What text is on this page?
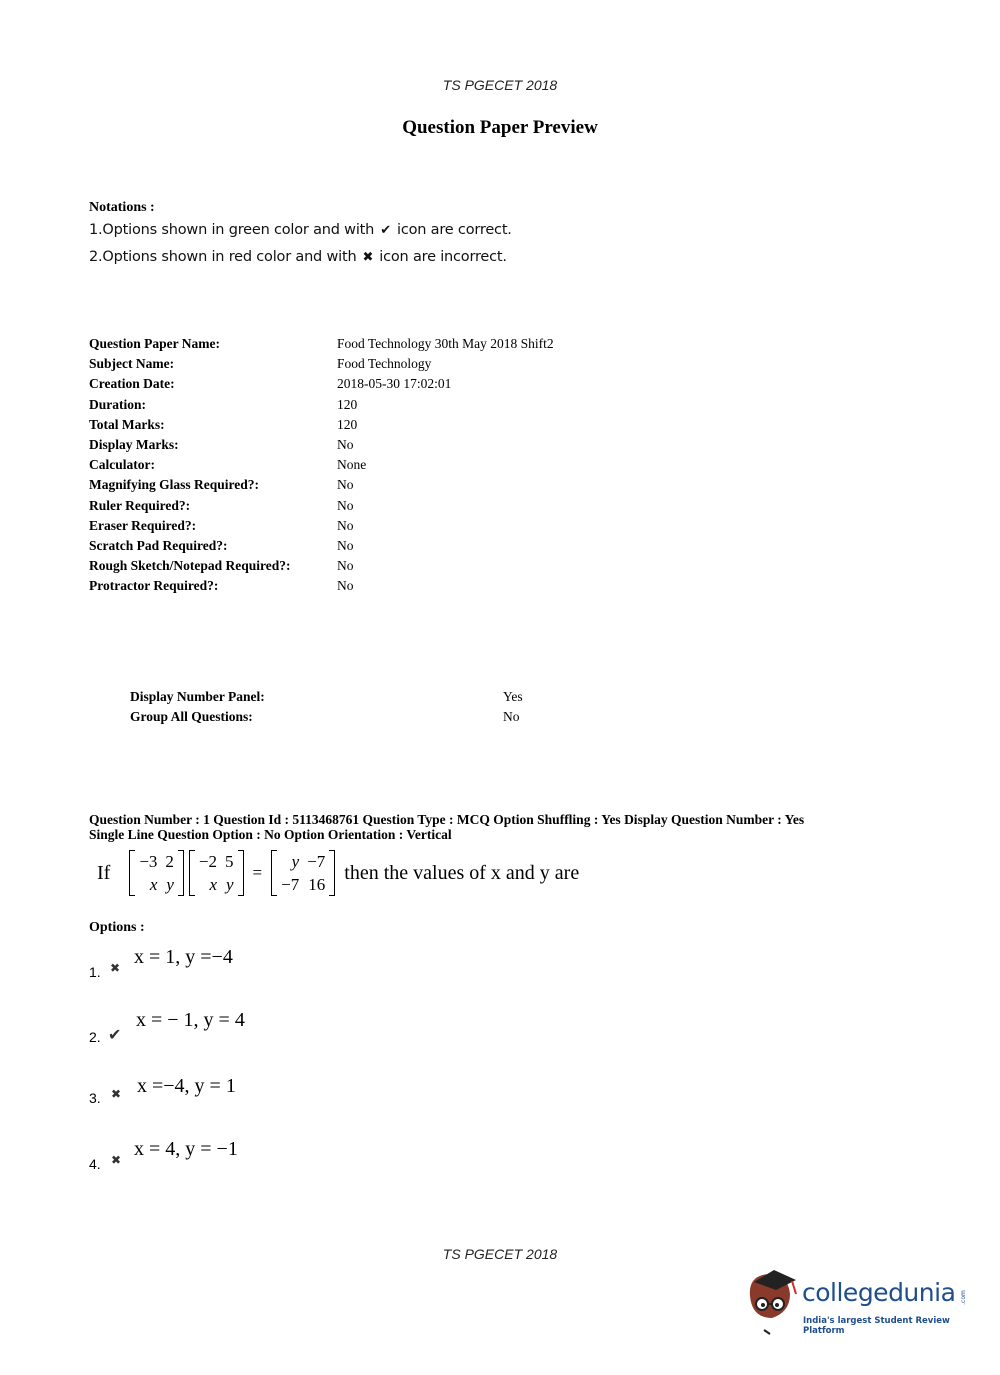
TS PGECET 2018
Question Paper Preview
Notations :
1.Options shown in green color and with ✔ icon are correct.
2.Options shown in red color and with ✖ icon are incorrect.
Question Paper Name:	Food Technology 30th May 2018 Shift2
Subject Name:	Food Technology
Creation Date:	2018-05-30 17:02:01
Duration:	120
Total Marks:	120
Display Marks:	No
Calculator:	None
Magnifying Glass Required?:	No
Ruler Required?:	No
Eraser Required?:	No
Scratch Pad Required?:	No
Rough Sketch/Notepad Required?:	No
Protractor Required?:	No
Display Number Panel:	Yes
Group All Questions:	No
Question Number : 1 Question Id : 5113468761 Question Type : MCQ Option Shuffling : Yes Display Question Number : Yes
Single Line Question Option : No Option Orientation : Vertical
If −3	2
x	y

−2	5
x	y
=
y	−7
−7	16
then the values of x and y are
Options :
1. ✖ x = 1, y =−4
2. ✔
x = − 1, y = 4
3. ✖ x =−4, y = 1
4. ✖ x = 4, y = −1
TS PGECET 2018
collegedunia .com
India's largest Student Review Platform
